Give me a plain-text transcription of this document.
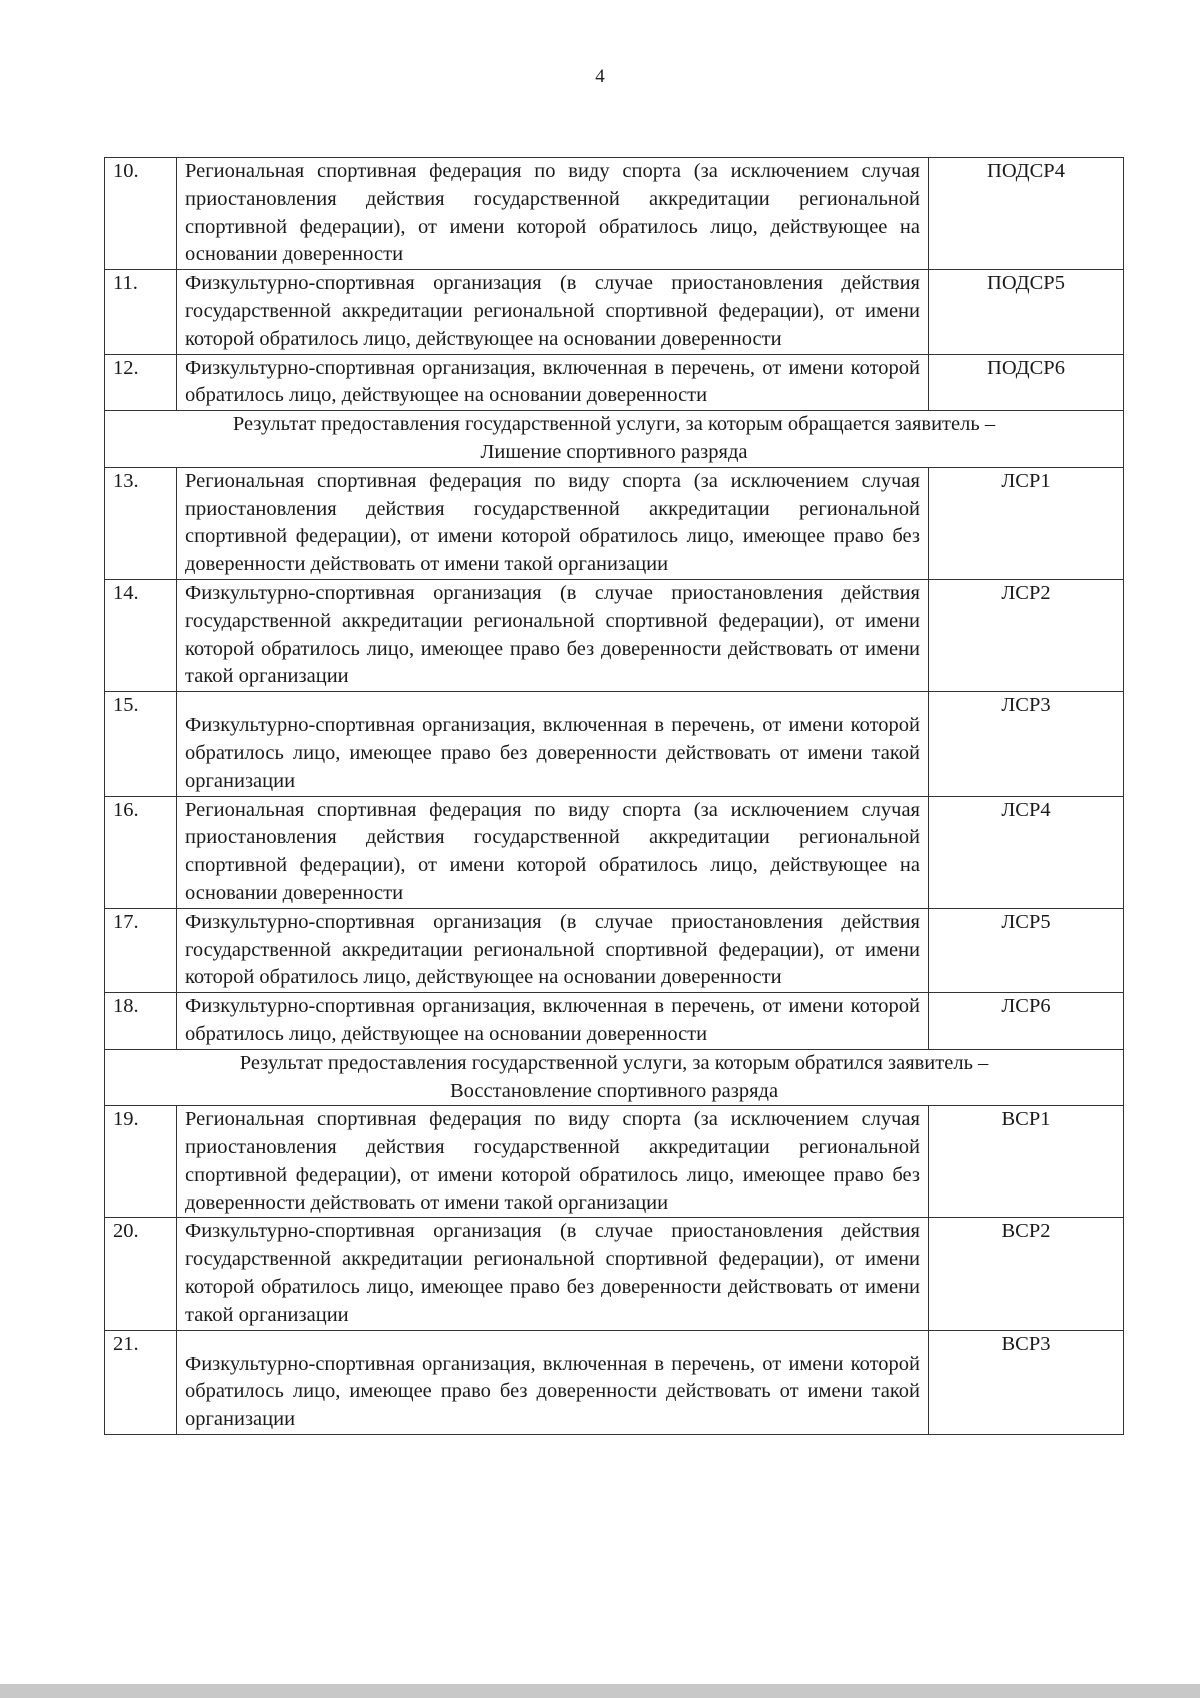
4
10.	Региональная спортивная федерация по виду спорта (за исключением случая приостановления действия государственной аккредитации региональной спортивной федерации), от имени которой обратилось лицо, действующее на основании доверенности	ПОДСР4
11.	Физкультурно-спортивная организация (в случае приостановления действия государственной аккредитации региональной спортивной федерации), от имени которой обратилось лицо, действующее на основании доверенности	ПОДСР5
12.	Физкультурно-спортивная организация, включенная в перечень, от имени которой обратилось лицо, действующее на основании доверенности	ПОДСР6

Результат предоставления государственной услуги, за которым обращается заявитель –
Лишение спортивного разряда		

13.	Региональная спортивная федерация по виду спорта (за исключением случая приостановления действия государственной аккредитации региональной спортивной федерации), от имени которой обратилось лицо, имеющее право без доверенности действовать от имени такой организации	ЛСР1
14.	Физкультурно-спортивная организация (в случае приостановления действия государственной аккредитации региональной спортивной федерации), от имени которой обратилось лицо, имеющее право без доверенности действовать от имени такой организации	ЛСР2
15.	Физкультурно-спортивная организация, включенная в перечень, от имени которой обратилось лицо, имеющее право без доверенности действовать от имени такой организации	ЛСР3
16.	Региональная спортивная федерация по виду спорта (за исключением случая приостановления действия государственной аккредитации региональной спортивной федерации), от имени которой обратилось лицо, действующее на основании доверенности	ЛСР4
17.	Физкультурно-спортивная организация (в случае приостановления действия государственной аккредитации региональной спортивной федерации), от имени которой обратилось лицо, действующее на основании доверенности	ЛСР5
18.	Физкультурно-спортивная организация, включенная в перечень, от имени которой обратилось лицо, действующее на основании доверенности	ЛСР6

Результат предоставления государственной услуги, за которым обратился заявитель –
Восстановление спортивного разряда		

19.	Региональная спортивная федерация по виду спорта (за исключением случая приостановления действия государственной аккредитации региональной спортивной федерации), от имени которой обратилось лицо, имеющее право без доверенности действовать от имени такой организации	ВСР1
20.	Физкультурно-спортивная организация (в случае приостановления действия государственной аккредитации региональной спортивной федерации), от имени которой обратилось лицо, имеющее право без доверенности действовать от имени такой организации	ВСР2
21.	Физкультурно-спортивная организация, включенная в перечень, от имени которой обратилось лицо, имеющее право без доверенности действовать от имени такой организации	ВСР3
